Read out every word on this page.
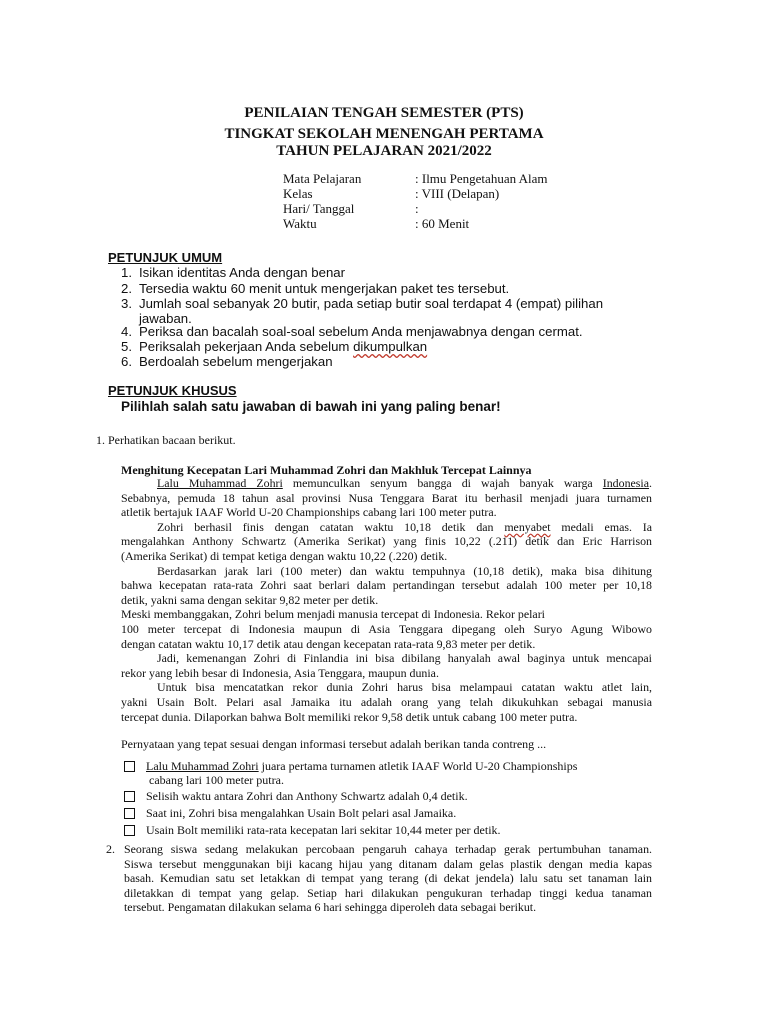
PENILAIAN TENGAH SEMESTER (PTS)
TINGKAT SEKOLAH MENENGAH PERTAMA
TAHUN PELAJARAN 2021/2022
Mata Pelajaran	: Ilmu Pengetahuan Alam
Kelas	: VIII (Delapan)
Hari/ Tanggal	:
Waktu	: 60 Menit
PETUNJUK UMUM
1. Isikan identitas Anda dengan benar
2. Tersedia waktu 60 menit untuk mengerjakan paket tes tersebut.
3. Jumlah soal sebanyak 20 butir, pada setiap butir soal terdapat 4 (empat) pilihan
jawaban.
4. Periksa dan bacalah soal-soal sebelum Anda menjawabnya dengan cermat.
5. Periksalah pekerjaan Anda sebelum dikumpulkan
6. Berdoalah sebelum mengerjakan
PETUNJUK KHUSUS
Pilihlah salah satu jawaban di bawah ini yang paling benar!
1. Perhatikan bacaan berikut.
Menghitung Kecepatan Lari Muhammad Zohri dan Makhluk Tercepat Lainnya
Lalu Muhammad Zohri memunculkan senyum bangga di wajah banyak warga Indonesia.
Sebabnya, pemuda 18 tahun asal provinsi Nusa Tenggara Barat itu berhasil menjadi juara turnamen
atletik bertajuk IAAF World U-20 Championships cabang lari 100 meter putra.
Zohri berhasil finis dengan catatan waktu 10,18 detik dan menyabet medali emas. Ia
mengalahkan Anthony Schwartz (Amerika Serikat) yang finis 10,22 (.211) detik dan Eric Harrison
(Amerika Serikat) di tempat ketiga dengan waktu 10,22 (.220) detik.
Berdasarkan jarak lari (100 meter) dan waktu tempuhnya (10,18 detik), maka bisa dihitung
bahwa kecepatan rata-rata Zohri saat berlari dalam pertandingan tersebut adalah 100 meter per 10,18
detik, yakni sama dengan sekitar 9,82 meter per detik.
Meski membanggakan, Zohri belum menjadi manusia tercepat di Indonesia. Rekor pelari
100 meter tercepat di Indonesia maupun di Asia Tenggara dipegang oleh Suryo Agung Wibowo
dengan catatan waktu 10,17 detik atau dengan kecepatan rata-rata 9,83 meter per detik.
Jadi, kemenangan Zohri di Finlandia ini bisa dibilang hanyalah awal baginya untuk mencapai
rekor yang lebih besar di Indonesia, Asia Tenggara, maupun dunia.
Untuk bisa mencatatkan rekor dunia Zohri harus bisa melampaui catatan waktu atlet lain,
yakni Usain Bolt. Pelari asal Jamaika itu adalah orang yang telah dikukuhkan sebagai manusia
tercepat dunia. Dilaporkan bahwa Bolt memiliki rekor 9,58 detik untuk cabang 100 meter putra.
Pernyataan yang tepat sesuai dengan informasi tersebut adalah berikan tanda contreng ...
Lalu Muhammad Zohri juara pertama turnamen atletik IAAF World U-20 Championships
cabang lari 100 meter putra.
Selisih waktu antara Zohri dan Anthony Schwartz adalah 0,4 detik.
Saat ini, Zohri bisa mengalahkan Usain Bolt pelari asal Jamaika.
Usain Bolt memiliki rata-rata kecepatan lari sekitar 10,44 meter per detik.
2. Seorang siswa sedang melakukan percobaan pengaruh cahaya terhadap gerak pertumbuhan tanaman.
Siswa tersebut menggunakan biji kacang hijau yang ditanam dalam gelas plastik dengan media kapas
basah. Kemudian satu set letakkan di tempat yang terang (di dekat jendela) lalu satu set tanaman lain
diletakkan di tempat yang gelap. Setiap hari dilakukan pengukuran terhadap tinggi kedua tanaman
tersebut. Pengamatan dilakukan selama 6 hari sehingga diperoleh data sebagai berikut.
